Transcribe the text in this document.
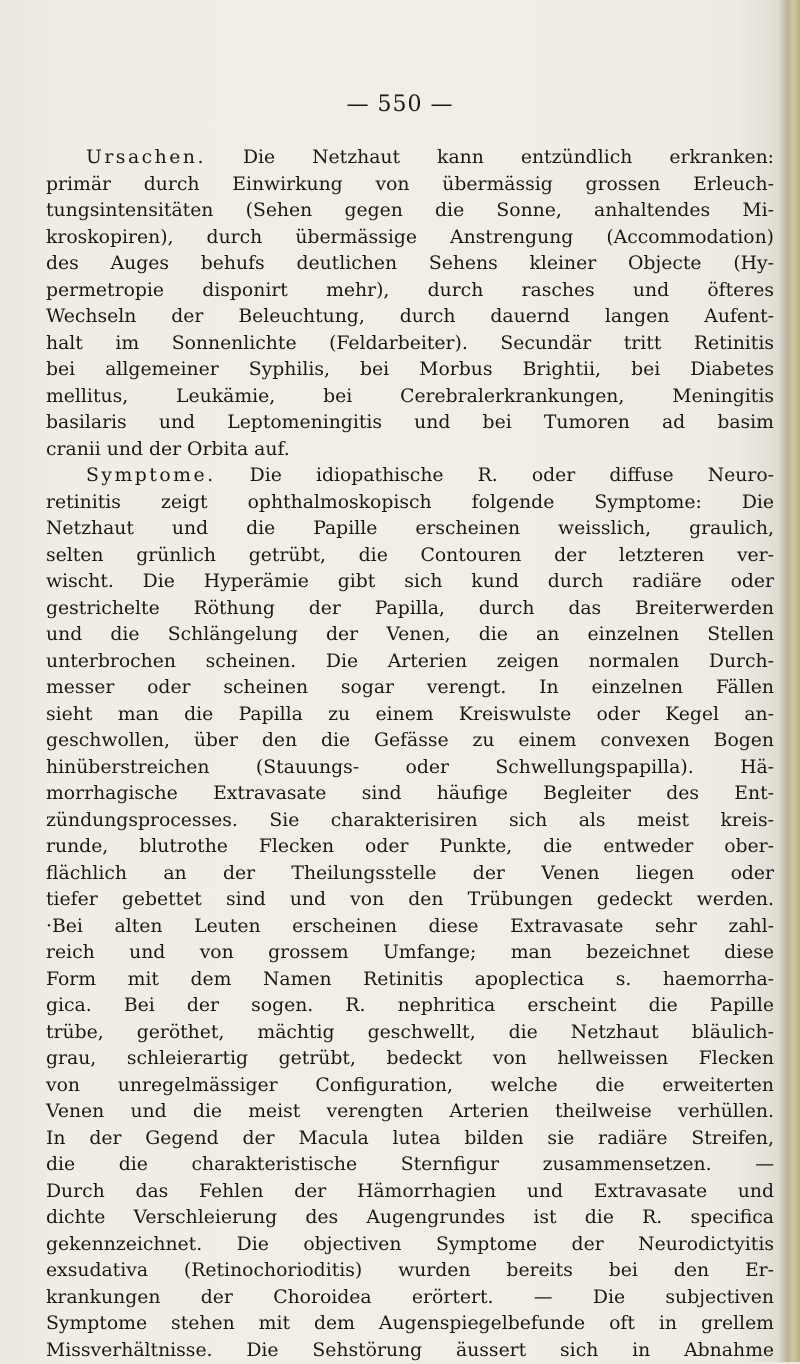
— 550 —
Ursachen. Die Netzhaut kann entzündlich erkranken:
primär durch Einwirkung von übermässig grossen Erleuch-
tungsintensitäten (Sehen gegen die Sonne, anhaltendes Mi-
kroskopiren), durch übermässige Anstrengung (Accommodation)
des Auges behufs deutlichen Sehens kleiner Objecte (Hy-
permetropie disponirt mehr), durch rasches und öfteres
Wechseln der Beleuchtung, durch dauernd langen Aufent-
halt im Sonnenlichte (Feldarbeiter). Secundär tritt Retinitis
bei allgemeiner Syphilis, bei Morbus Brightii, bei Diabetes
mellitus, Leukämie, bei Cerebralerkrankungen, Meningitis
basilaris und Leptomeningitis und bei Tumoren ad basim
cranii und der Orbita auf.
Symptome. Die idiopathische R. oder diffuse Neuro-
retinitis zeigt ophthalmoskopisch folgende Symptome: Die
Netzhaut und die Papille erscheinen weisslich, graulich,
selten grünlich getrübt, die Contouren der letzteren ver-
wischt. Die Hyperämie gibt sich kund durch radiäre oder
gestrichelte Röthung der Papilla, durch das Breiterwerden
und die Schlängelung der Venen, die an einzelnen Stellen
unterbrochen scheinen. Die Arterien zeigen normalen Durch-
messer oder scheinen sogar verengt. In einzelnen Fällen
sieht man die Papilla zu einem Kreiswulste oder Kegel an-
geschwollen, über den die Gefässe zu einem convexen Bogen
hinüberstreichen (Stauungs- oder Schwellungspapilla). Hä-
morrhagische Extravasate sind häufige Begleiter des Ent-
zündungsprocesses. Sie charakterisiren sich als meist kreis-
runde, blutrothe Flecken oder Punkte, die entweder ober-
flächlich an der Theilungsstelle der Venen liegen oder
tiefer gebettet sind und von den Trübungen gedeckt werden.
·Bei alten Leuten erscheinen diese Extravasate sehr zahl-
reich und von grossem Umfange; man bezeichnet diese
Form mit dem Namen Retinitis apoplectica s. haemorrha-
gica. Bei der sogen. R. nephritica erscheint die Papille
trübe, geröthet, mächtig geschwellt, die Netzhaut bläulich-
grau, schleierartig getrübt, bedeckt von hellweissen Flecken
von unregelmässiger Configuration, welche die erweiterten
Venen und die meist verengten Arterien theilweise verhüllen.
In der Gegend der Macula lutea bilden sie radiäre Streifen,
die die charakteristische Sternfigur zusammensetzen. —
Durch das Fehlen der Hämorrhagien und Extravasate und
dichte Verschleierung des Augengrundes ist die R. specifica
gekennzeichnet. Die objectiven Symptome der Neurodictyitis
exsudativa (Retinochorioditis) wurden bereits bei den Er-
krankungen der Choroidea erörtert. — Die subjectiven
Symptome stehen mit dem Augenspiegelbefunde oft in grellem
Missverhältnisse. Die Sehstörung äussert sich in Abnahme
